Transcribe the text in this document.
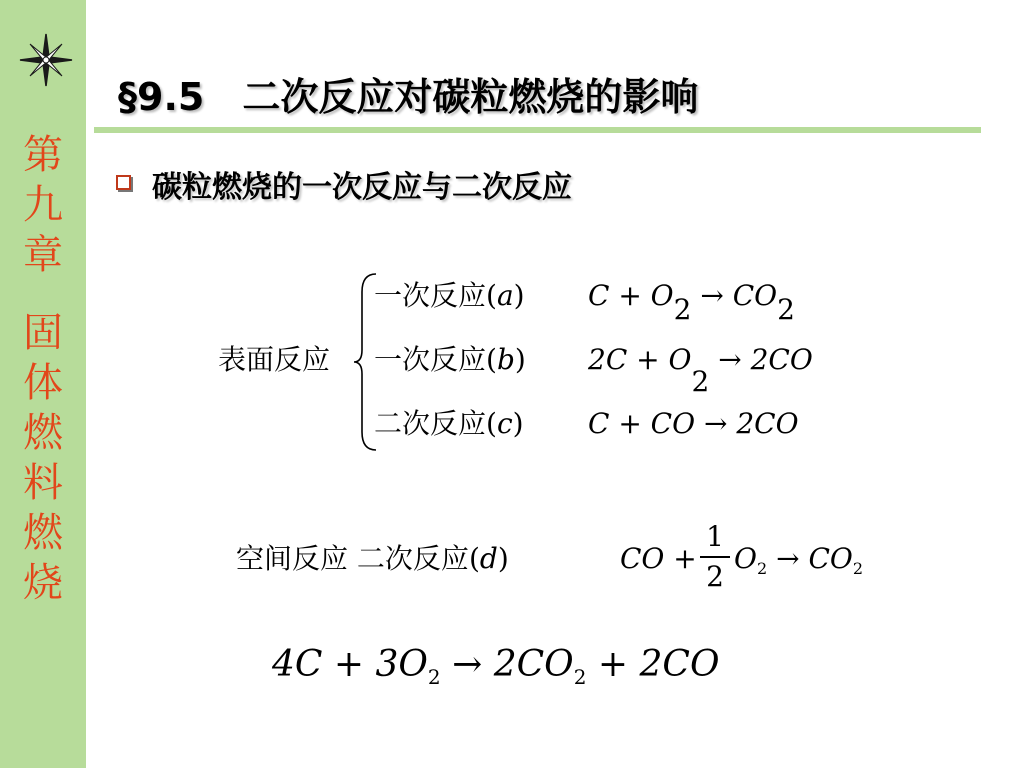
第
九
章
固
体
燃
料
燃
烧
§9.5　二次反应对碳粒燃烧的影响
碳粒燃烧的一次反应与二次反应
表面反应
一次反应(a) C + O2 → CO2
一次反应(b) 2C + O2 → 2CO
二次反应(c) C + CO → 2CO
空间反应 二次反应(d)	CO +
1
2
$O_2 \to CO_2$
$4C + 3O_2 \to 2CO_2 + 2CO$
